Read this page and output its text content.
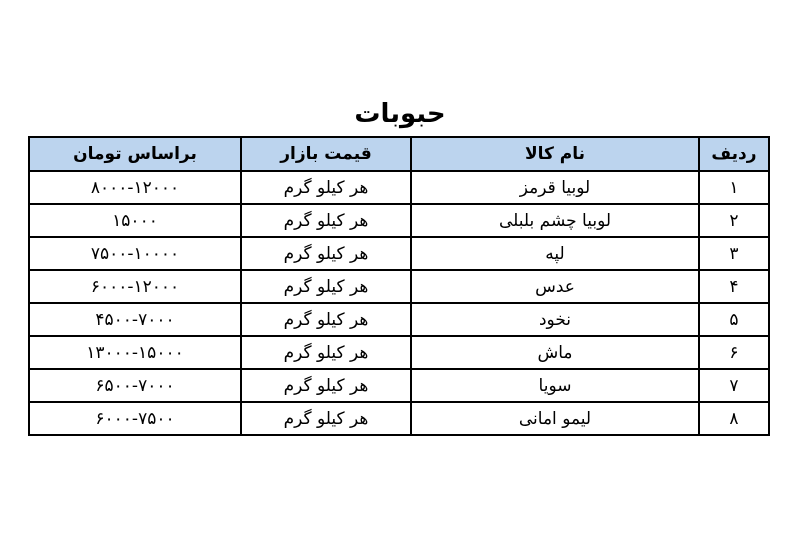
حبوبات
ردیف	نام کالا	قیمت بازار	براساس تومان
۱	لوبیا قرمز	هر کیلو گرم	۸۰۰۰-۱۲۰۰۰
۲	لوبیا چشم بلبلی	هر کیلو گرم	۱۵۰۰۰
۳	لپه	هر کیلو گرم	۷۵۰۰-۱۰۰۰۰
۴	عدس	هر کیلو گرم	۶۰۰۰-۱۲۰۰۰
۵	نخود	هر کیلو گرم	۴۵۰۰-۷۰۰۰
۶	ماش	هر کیلو گرم	۱۳۰۰۰-۱۵۰۰۰
۷	سویا	هر کیلو گرم	۶۵۰۰-۷۰۰۰
۸	لیمو امانی	هر کیلو گرم	۶۰۰۰-۷۵۰۰
